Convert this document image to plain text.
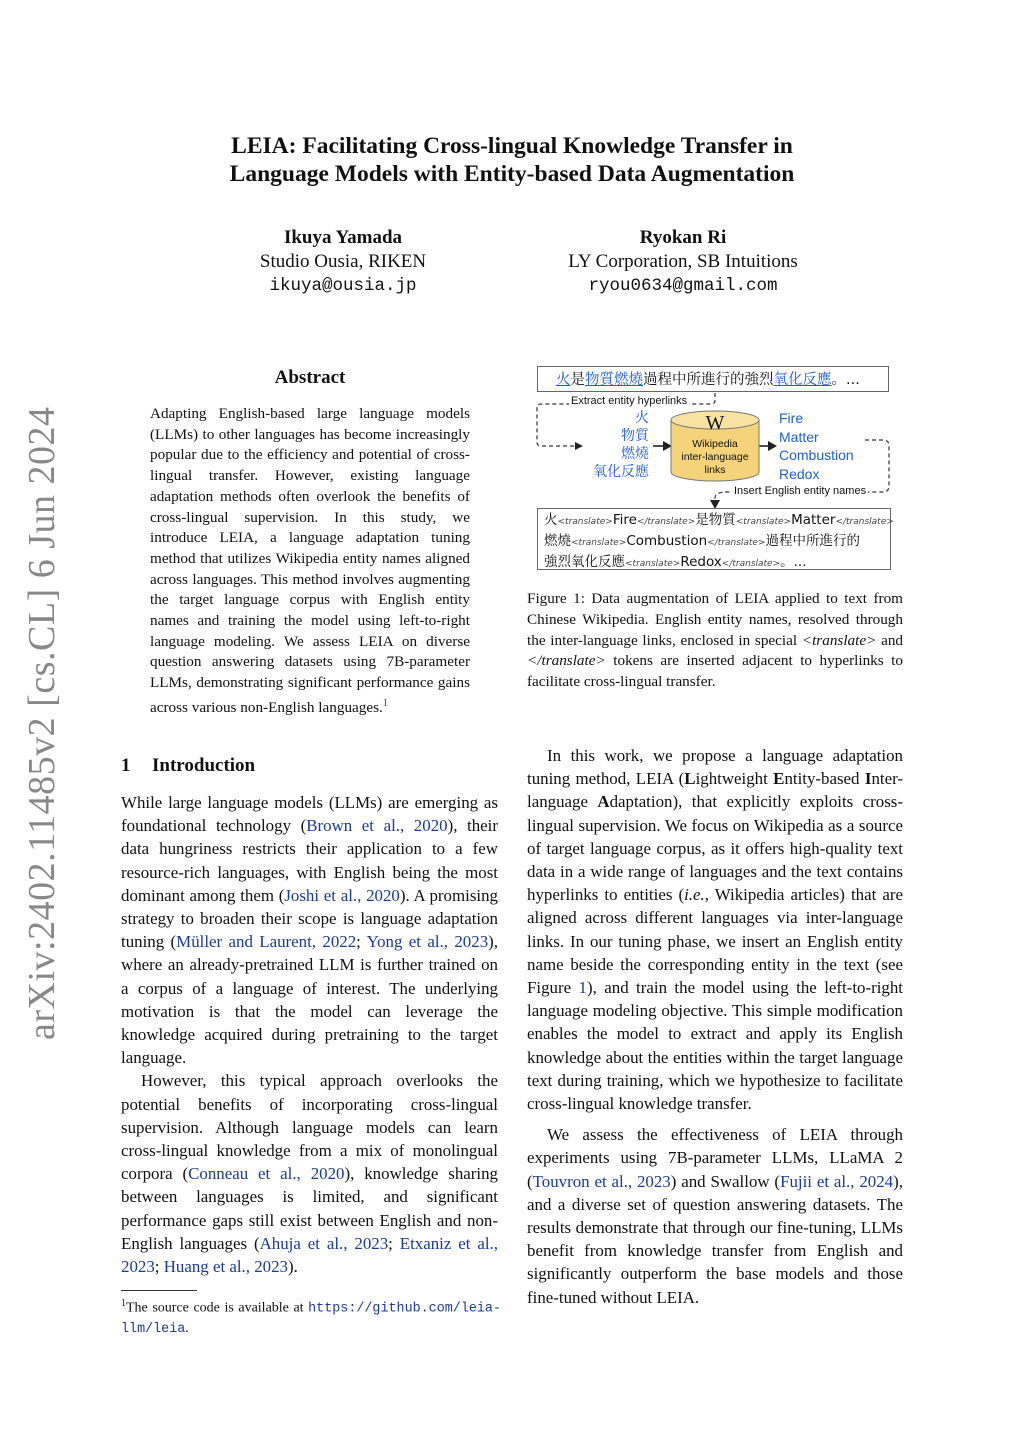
arXiv:2402.11485v2 [cs.CL] 6 Jun 2024
LEIA: Facilitating Cross-lingual Knowledge Transfer in
Language Models with Entity-based Data Augmentation
Ikuya Yamada
Studio Ousia, RIKEN
ikuya@ousia.jp
Ryokan Ri
LY Corporation, SB Intuitions
ryou0634@gmail.com
Abstract
Adapting English-based large language models (LLMs) to other languages has become increasingly popular due to the efficiency and potential of cross-lingual transfer. However, existing language adaptation methods often overlook the benefits of cross-lingual supervision. In this study, we introduce LEIA, a language adaptation tuning method that utilizes Wikipedia entity names aligned across languages. This method involves augmenting the target language corpus with English entity names and training the model using left-to-right language modeling. We assess LEIA on diverse question answering datasets using 7B-parameter LLMs, demonstrating significant performance gains across various non-English languages.$^1$
火是物質燃燒過程中所進行的強烈氧化反應。...
Extract entity hyperlinks
火
物質
燃燒
氧化反應
W
Wikipedia
inter-language
links
Fire
Matter
Combustion
Redox
Insert English entity names
火<translate>Fire</translate>是物質<translate>Matter</translate>
燃燒<translate>Combustion</translate>過程中所進行的
強烈氧化反應<translate>Redox</translate>。...
Figure 1: Data augmentation of LEIA applied to text from Chinese Wikipedia. English entity names, resolved through the inter-language links, enclosed in special <translate> and </translate> tokens are inserted adjacent to hyperlinks to facilitate cross-lingual transfer.
1 Introduction

While large language models (LLMs) are emerging as foundational technology (Brown et al., 2020), their data hungriness restricts their application to a few resource-rich languages, with English being the most dominant among them (Joshi et al., 2020). A promising strategy to broaden their scope is language adaptation tuning (Müller and Laurent, 2022; Yong et al., 2023), where an already-pretrained LLM is further trained on a corpus of a language of interest. The underlying motivation is that the model can leverage the knowledge acquired during pretraining to the target language.

However, this typical approach overlooks the potential benefits of incorporating cross-lingual supervision. Although language models can learn cross-lingual knowledge from a mix of monolingual corpora (Conneau et al., 2020), knowledge sharing between languages is limited, and significant performance gaps still exist between English and non-English languages (Ahuja et al., 2023; Etxaniz et al., 2023; Huang et al., 2023).

$^1$The source code is available at https://github.com/leia-llm/leia.

In this work, we propose a language adaptation tuning method, LEIA (Lightweight Entity-based Inter-language Adaptation), that explicitly exploits cross-lingual supervision. We focus on Wikipedia as a source of target language corpus, as it offers high-quality text data in a wide range of languages and the text contains hyperlinks to entities (i.e., Wikipedia articles) that are aligned across different languages via inter-language links. In our tuning phase, we insert an English entity name beside the corresponding entity in the text (see Figure 1), and train the model using the left-to-right language modeling objective. This simple modification enables the model to extract and apply its English knowledge about the entities within the target language text during training, which we hypothesize to facilitate cross-lingual knowledge transfer.

We assess the effectiveness of LEIA through experiments using 7B-parameter LLMs, LLaMA 2 (Touvron et al., 2023) and Swallow (Fujii et al., 2024), and a diverse set of question answering datasets. The results demonstrate that through our fine-tuning, LLMs benefit from knowledge transfer from English and significantly outperform the base models and those fine-tuned without LEIA.
